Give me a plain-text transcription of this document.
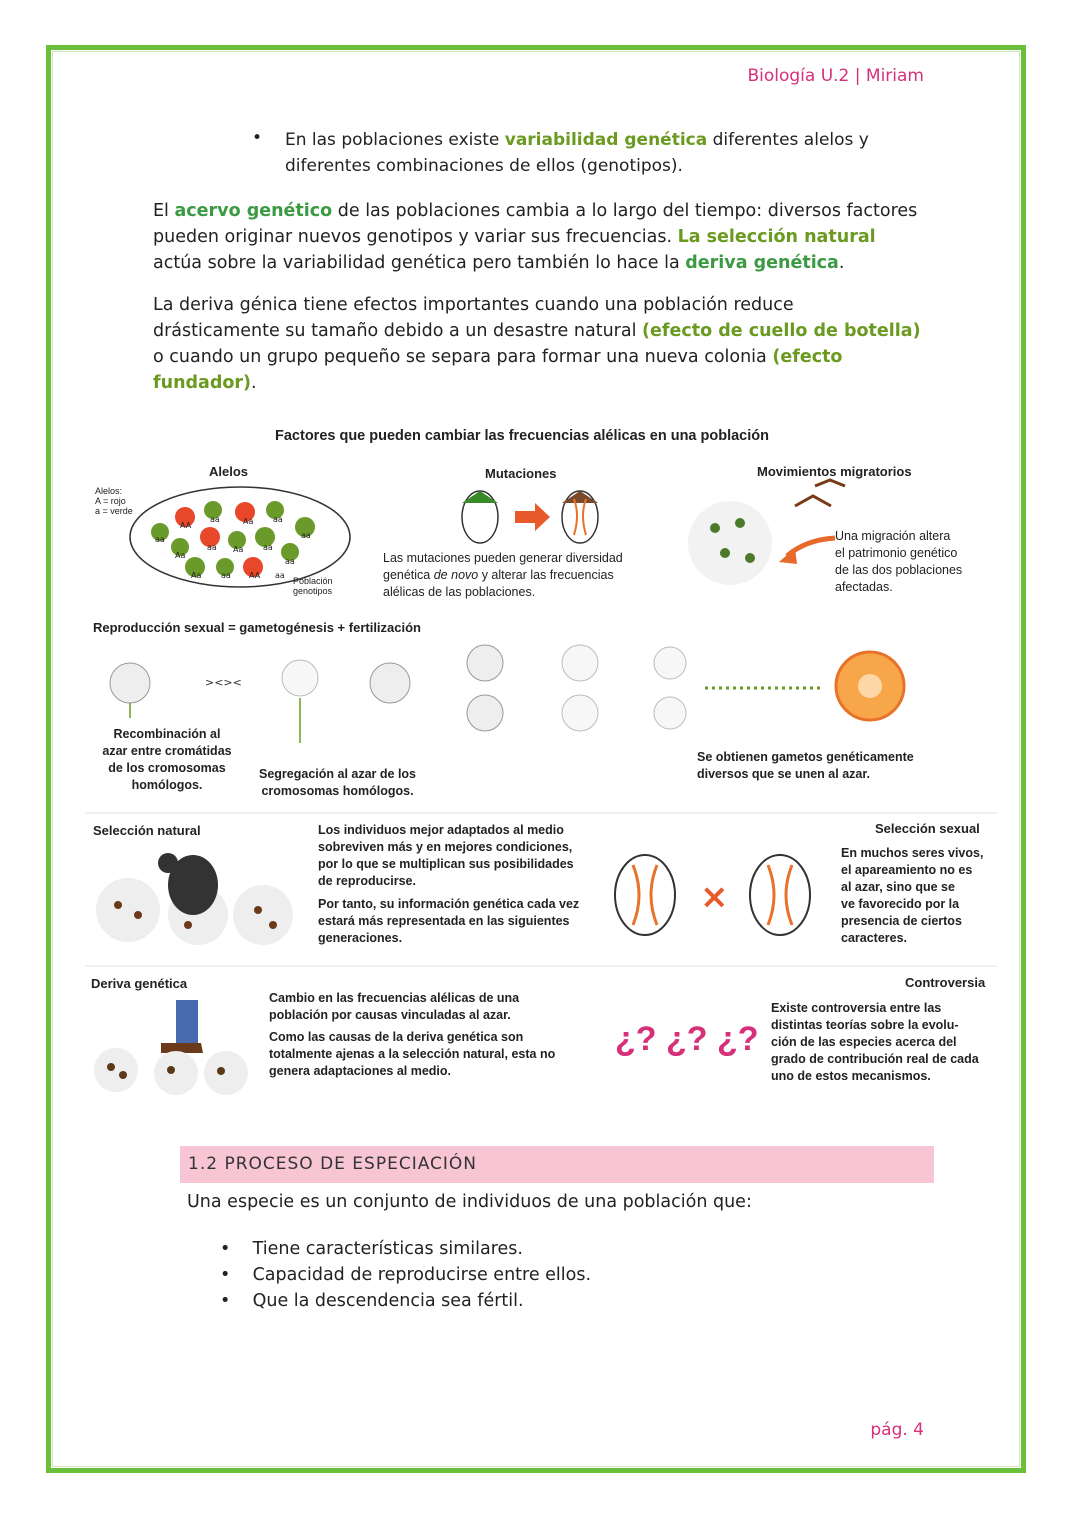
Biología U.2 | Miriam
• En las poblaciones existe variabilidad genética diferentes alelos y
diferentes combinaciones de ellos (genotipos).
El acervo genético de las poblaciones cambia a lo largo del tiempo: diversos factores pueden originar nuevos genotipos y variar sus frecuencias. La selección natural actúa sobre la variabilidad genética pero también lo hace la deriva genética.
La deriva génica tiene efectos importantes cuando una población reduce drásticamente su tamaño debido a un desastre natural (efecto de cuello de botella) o cuando un grupo pequeño se separa para formar una nueva colonia (efecto fundador).
Factores que pueden cambiar las frecuencias alélicas en una población
Alelos
Alelos:
A = rojo
a = verde
aa
AA
aa	Aa aa
aa
Aa
aa Aa aa
aa
Aa aa AA aa
Población
genotipos
Mutaciones
Las mutaciones pueden generar diversidad
genética de novo y alterar las frecuencias
alélicas de las poblaciones.
Movimientos migratorios
Una migración altera
el patrimonio genético
de las dos poblaciones
afectadas.
Reproducción sexual = gametogénesis + fertilización
><><
Recombinación al
azar entre cromátidas
de los cromosomas
homólogos.
Segregación al azar de los
cromosomas homólogos.
Se obtienen gametos genéticamente
diversos que se unen al azar.
Selección natural	Los individuos mejor adaptados al medio
sobreviven más y en mejores condiciones,
por lo que se multiplican sus posibilidades
de reproducirse.
Por tanto, su información genética cada vez
estará más representada en las siguientes
generaciones.
×
Selección sexual
En muchos seres vivos,
el apareamiento no es
al azar, sino que se
ve favorecido por la
presencia de ciertos
caracteres.
Deriva genética
Cambio en las frecuencias alélicas de una
población por causas vinculadas al azar.
Como las causas de la deriva genética son
totalmente ajenas a la selección natural, esta no
genera adaptaciones al medio.
Controversia
¿? ¿? ¿?
Existe controversia entre las
distintas teorías sobre la evolu-
ción de las especies acerca del
grado de contribución real de cada
uno de estos mecanismos.
1.2 PROCESO DE ESPECIACIÓN
Una especie es un conjunto de individuos de una población que:
•    Tiene características similares.
•    Capacidad de reproducirse entre ellos.
•    Que la descendencia sea fértil.
pág. 4
